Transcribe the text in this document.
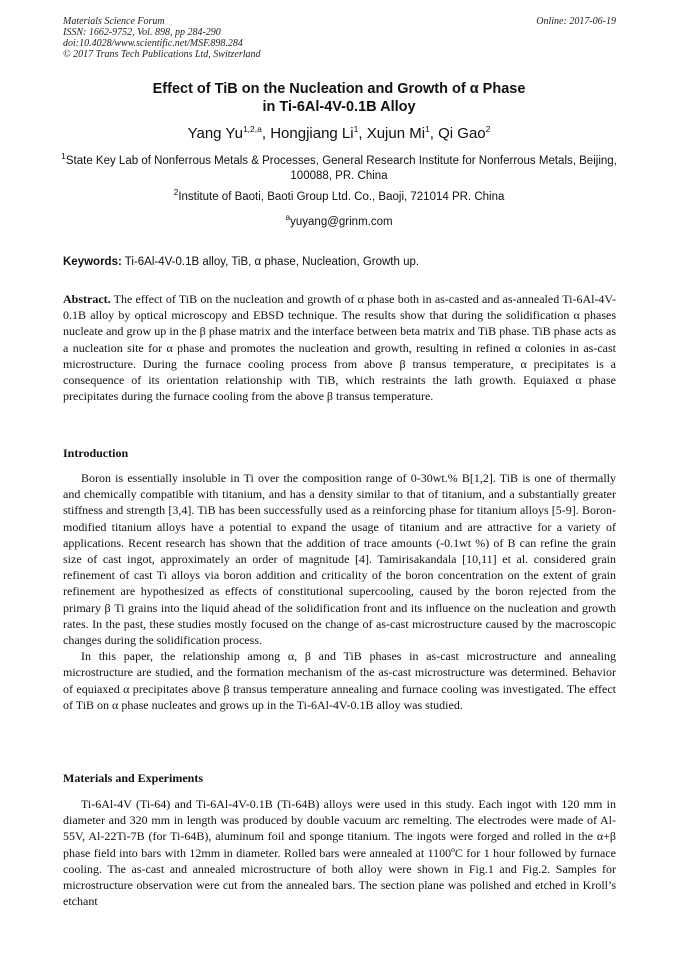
Materials Science Forum
ISSN: 1662-9752, Vol. 898, pp 284-290
doi:10.4028/www.scientific.net/MSF.898.284
© 2017 Trans Tech Publications Ltd, Switzerland
Online: 2017-06-19
Effect of TiB on the Nucleation and Growth of α Phase
in Ti-6Al-4V-0.1B Alloy
Yang Yu$^{1,2,a}$, Hongjiang Li$^1$, Xujun Mi$^1$, Qi Gao$^2$
$^1$State Key Lab of Nonferrous Metals & Processes, General Research Institute for Nonferrous Metals, Beijing, 100088, PR. China
$^2$Institute of Baoti, Baoti Group Ltd. Co., Baoji, 721014 PR. China
$^a$yuyang@grinm.com
Keywords: Ti-6Al-4V-0.1B alloy, TiB, α phase, Nucleation, Growth up.
Abstract. The effect of TiB on the nucleation and growth of α phase both in as-casted and as-annealed Ti-6Al-4V-0.1B alloy by optical microscopy and EBSD technique. The results show that during the solidification α phases nucleate and grow up in the β phase matrix and the interface between beta matrix and TiB phase. TiB phase acts as a nucleation site for α phase and promotes the nucleation and growth, resulting in refined α colonies in as-cast microstructure. During the furnace cooling process from above β transus temperature, α precipitates is a consequence of its orientation relationship with TiB, which restraints the lath growth. Equiaxed α phase precipitates during the furnace cooling from the above β transus temperature.
Introduction

Boron is essentially insoluble in Ti over the composition range of 0-30wt.% B[1,2]. TiB is one of thermally and chemically compatible with titanium, and has a density similar to that of titanium, and a substantially greater stiffness and strength [3,4]. TiB has been successfully used as a reinforcing phase for titanium alloys [5-9]. Boron-modified titanium alloys have a potential to expand the usage of titanium and are attractive for a variety of applications. Recent research has shown that the addition of trace amounts (-0.1wt %) of B can refine the grain size of cast ingot, approximately an order of magnitude [4]. Tamirisakandala [10,11] et al. considered grain refinement of cast Ti alloys via boron addition and criticality of the boron concentration on the extent of grain refinement are hypothesized as effects of constitutional supercooling, caused by the boron rejected from the primary β Ti grains into the liquid ahead of the solidification front and its influence on the nucleation and growth rates. In the past, these studies mostly focused on the change of as-cast microstructure caused by the macroscopic changes during the solidification process.

In this paper, the relationship among α, β and TiB phases in as-cast microstructure and annealing microstructure are studied, and the formation mechanism of the as-cast microstructure was determined. Behavior of equiaxed α precipitates above β transus temperature annealing and furnace cooling was investigated. The effect of TiB on α phase nucleates and grows up in the Ti-6Al-4V-0.1B alloy was studied.

Materials and Experiments

Ti-6Al-4V (Ti-64) and Ti-6Al-4V-0.1B (Ti-64B) alloys were used in this study. Each ingot with 120 mm in diameter and 320 mm in length was produced by double vacuum arc remelting. The electrodes were made of Al-55V, Al-22Ti-7B (for Ti-64B), aluminum foil and sponge titanium. The ingots were forged and rolled in the α+β phase field into bars with 12mm in diameter. Rolled bars were annealed at 1100ºC for 1 hour followed by furnace cooling. The as-cast and annealed microstructure of both alloy were shown in Fig.1 and Fig.2. Samples for microstructure observation were cut from the annealed bars. The section plane was polished and etched in Kroll’s etchant
